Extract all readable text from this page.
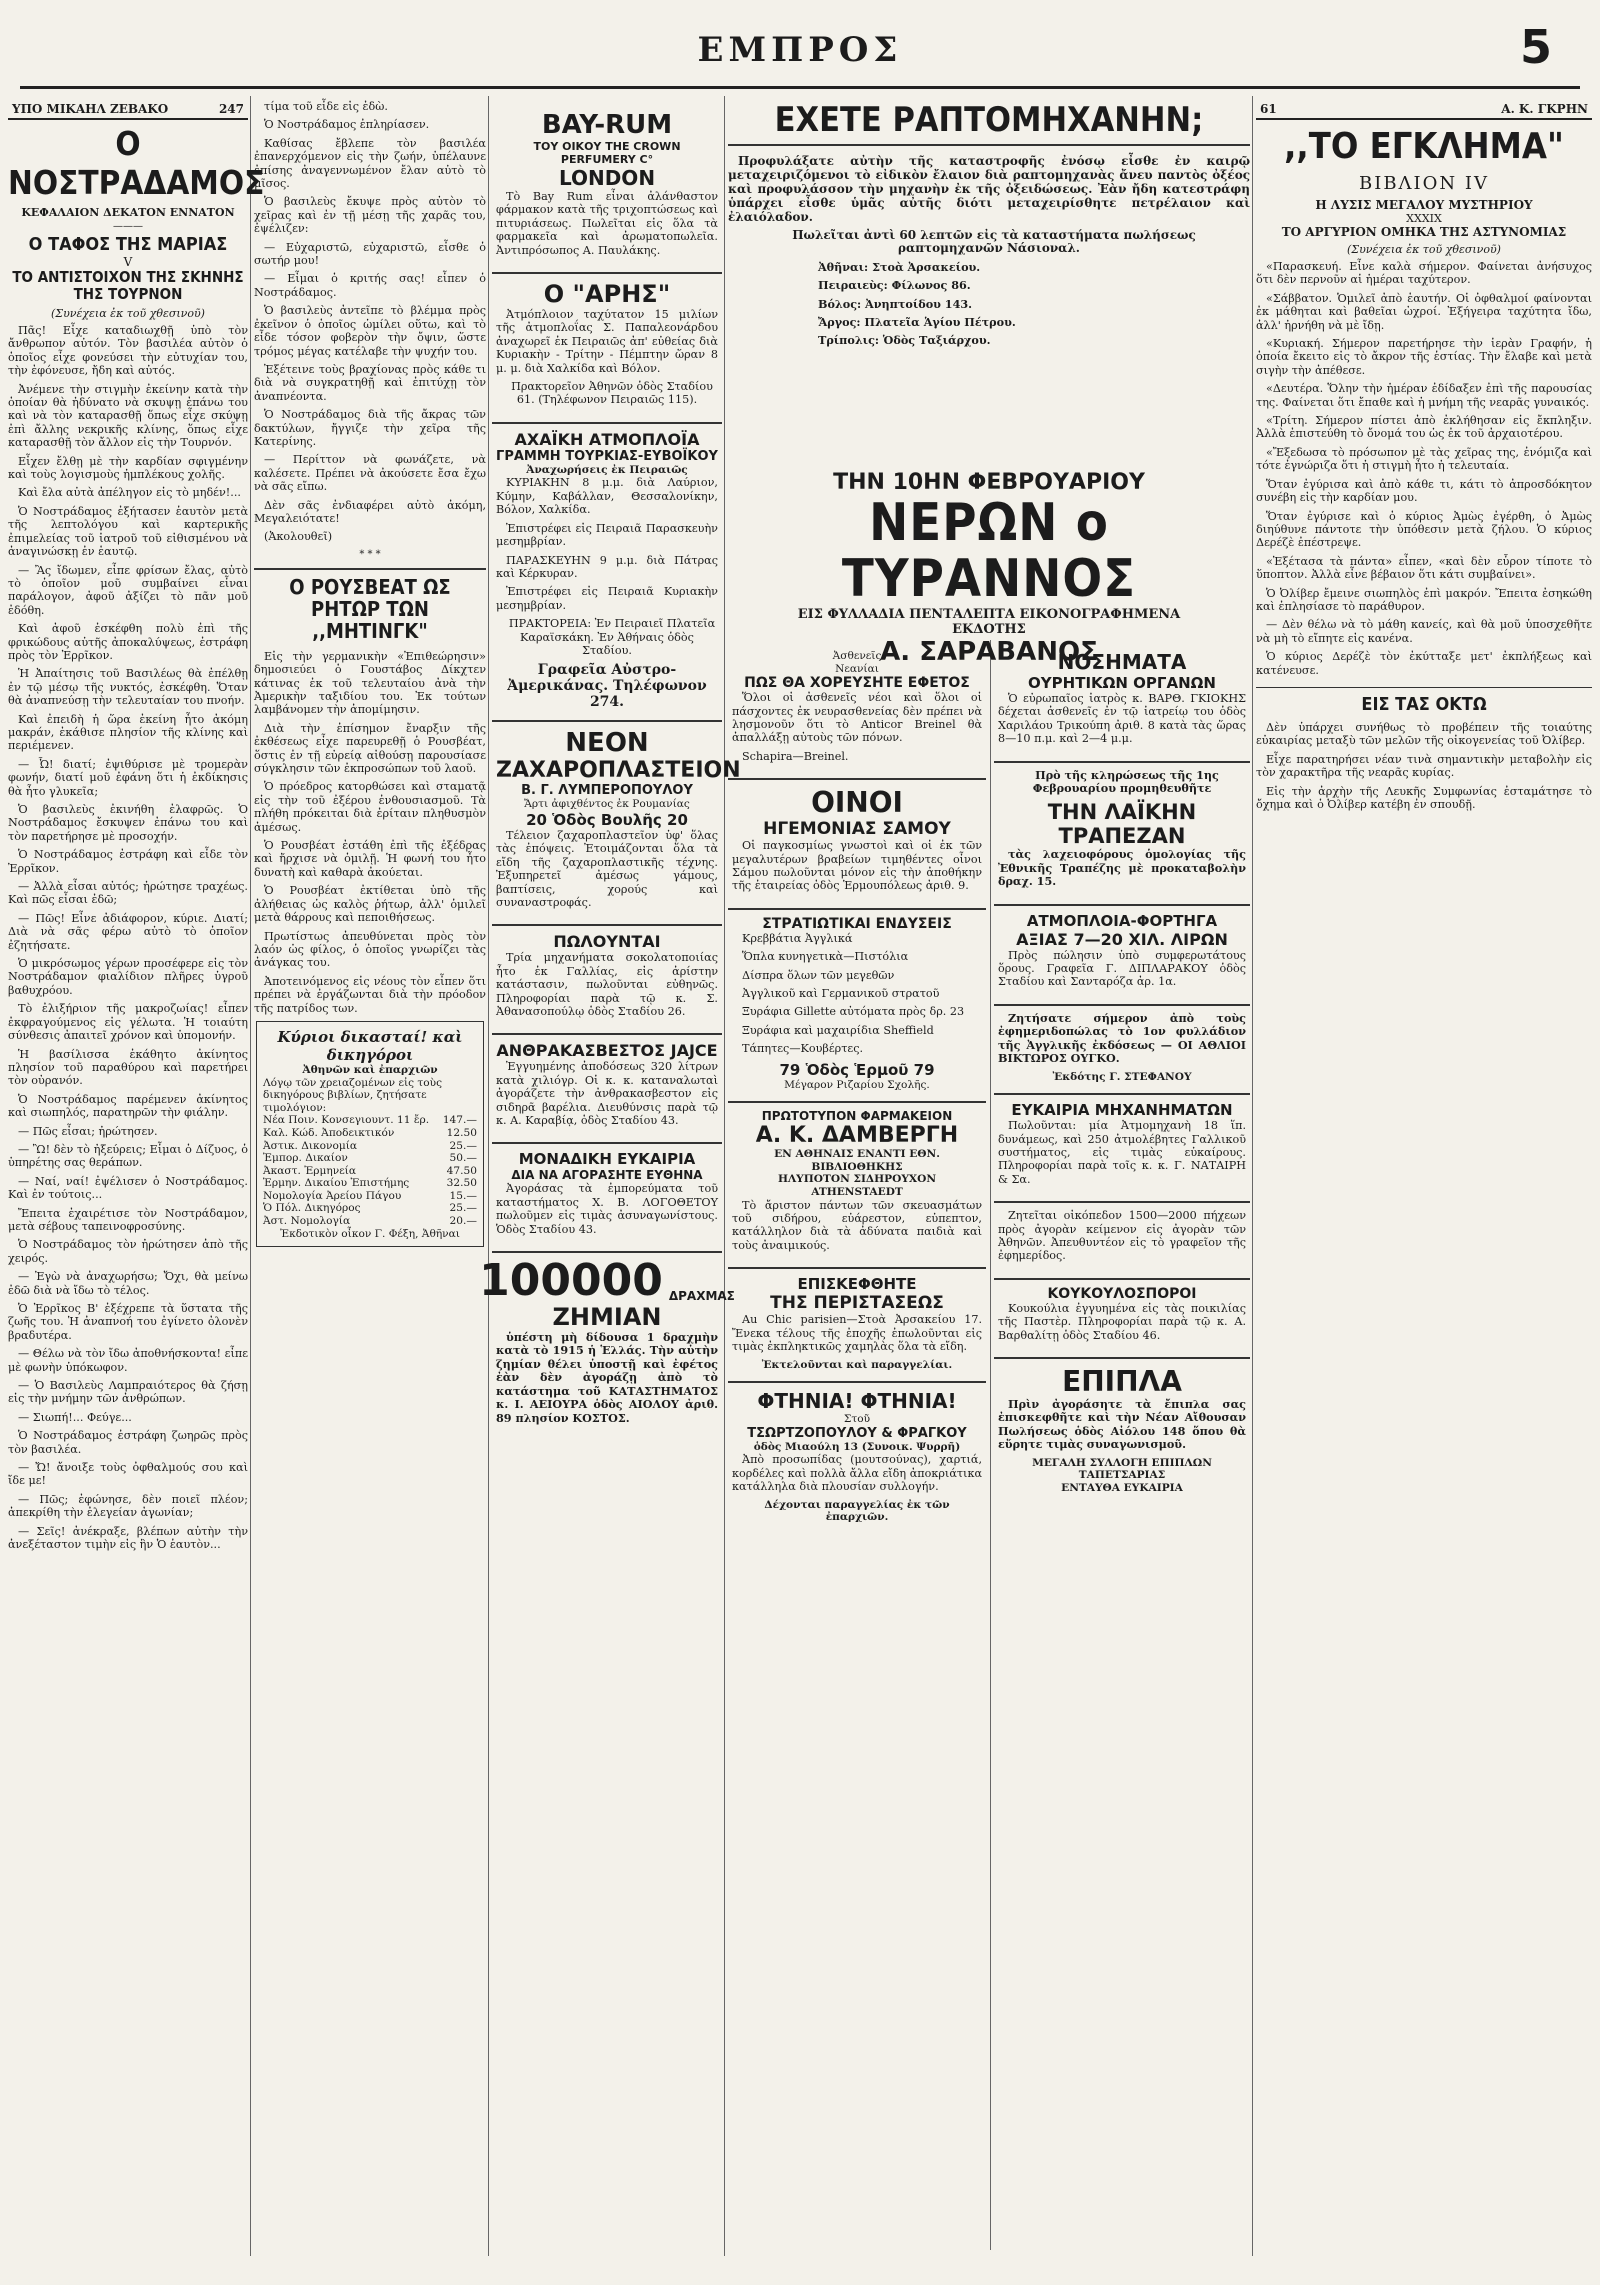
ΕΜΠΡΟΣ	5
ΥΠΟ ΜΙΚΑΗΛ ΖΕΒΑΚΟ	247
Ο ΝΟΣΤΡΑΔΑΜΟΣ
ΚΕΦΑΛΑΙΟΝ ΔΕΚΑΤΟΝ ΕΝΝΑΤΟΝ
———
Ο ΤΑΦΟΣ ΤΗΣ ΜΑΡΙΑΣ
V
ΤΟ ΑΝΤΙΣΤΟΙΧΟΝ ΤΗΣ ΣΚΗΝΗΣ ΤΗΣ ΤΟΥΡΝΟΝ
(Συνέχεια ἐκ τοῦ χθεσινοῦ)

Πᾶς! Εἶχε καταδιωχθῇ ὑπὸ τὸν ἄνθρωπον αὐτόν. Τὸν βασιλέα αὐτὸν ὁ ὁποῖος εἶχε φονεύσει τὴν εὐτυχίαν του, τὴν ἐφόνευσε, ἤδη καὶ αὐτός.

Ἀνέμενε τὴν στιγμὴν ἐκείνην κατὰ τὴν ὁποίαν θὰ ἠδύνατο νὰ σκυψῃ ἐπάνω του καὶ νὰ τὸν καταρασθῇ ὅπως εἶχε σκύψῃ ἐπὶ ἄλλης νεκρικῆς κλίνης, ὅπως εἶχε καταρασθῇ τὸν ἄλλον εἰς τὴν Τουρνόν.

Εἶχεν ἔλθῃ μὲ τὴν καρδίαν σφιγμένην καὶ τοὺς λογισμοὺς ἠμπλέκους χολῆς.

Καὶ ἔλα αὐτὰ ἀπέληγον εἰς τὸ μηδέν!...

Ὁ Νοστράδαμος ἐξήτασεν ἑαυτὸν μετὰ τῆς λεπτολόγου καὶ καρτερικῆς ἐπιμελείας τοῦ ἰατροῦ τοῦ εἰθισμένου νὰ ἀναγινώσκῃ ἐν ἑαυτῷ.

— Ἂς ἴδωμεν, εἶπε φρίσων ἔλας, αὐτὸ τὸ ὁποῖον μοῦ συμβαίνει εἶναι παράλογον, ἀφοῦ ἀξίζει τὸ πᾶν μοῦ ἐδόθη.

Καὶ ἀφοῦ ἐσκέφθη πολὺ ἐπὶ τῆς φρικώδους αὐτῆς ἀποκαλύψεως, ἐστράφη πρὸς τὸν Ἐρρῖκον.

Ἡ Ἀπαίτησις τοῦ Βασιλέως θὰ ἐπέλθῃ ἐν τῷ μέσῳ τῆς νυκτός, ἐσκέφθη. Ὅταν θὰ ἀναπνεύσῃ τὴν τελευταίαν του πνοήν.

Καὶ ἐπειδὴ ἡ ὥρα ἐκείνη ἦτο ἀκόμη μακράν, ἐκάθισε πλησίον τῆς κλίνης καὶ περιέμενεν.

— Ὦ! διατί; ἐψιθύρισε μὲ τρομερὰν φωνήν, διατί μοῦ ἐφάνη ὅτι ἡ ἐκδίκησις θὰ ἦτο γλυκεῖα;

Ὁ βασιλεὺς ἐκινήθη ἐλαφρῶς. Ὁ Νοστράδαμος ἔσκυψεν ἐπάνω του καὶ τὸν παρετήρησε μὲ προσοχήν.

Ὁ Νοστράδαμος ἐστράφη καὶ εἶδε τὸν Ἐρρῖκον.

— Ἀλλὰ εἶσαι αὐτός; ἠρώτησε τραχέως. Καὶ πῶς εἶσαι ἐδῶ;

— Πῶς! Εἶνε ἀδιάφορον, κύριε. Διατί; Διὰ νὰ σᾶς φέρω αὐτὸ τὸ ὁποῖον ἐζητήσατε.

Ὁ μικρόσωμος γέρων προσέφερε εἰς τὸν Νοστράδαμον φιαλίδιον πλῆρες ὑγροῦ βαθυχρόου.

Τὸ ἐλιξήριον τῆς μακροζωίας! εἶπεν ἐκφραγούμενος εἰς γέλωτα. Ἡ τοιαύτη σύνθεσις ἀπαιτεῖ χρόνον καὶ ὑπομονήν.

Ἡ βασίλισσα ἐκάθητο ἀκίνητος πλησίον τοῦ παραθύρου καὶ παρετήρει τὸν οὐρανόν.

Ὁ Νοστράδαμος παρέμενεν ἀκίνητος καὶ σιωπηλός, παρατηρῶν τὴν φιάλην.

— Πῶς εἶσαι; ἠρώτησεν.

— Ὢ! δὲν τὸ ἠξεύρεις; Εἶμαι ὁ Δίζυος, ὁ ὑπηρέτης σας θεράπων.

— Ναί, ναί! ἐψέλισεν ὁ Νοστράδαμος. Καὶ ἐν τούτοις...

Ἔπειτα ἐχαιρέτισε τὸν Νοστράδαμον, μετὰ σέβους ταπεινοφροσύνης.

Ὁ Νοστράδαμος τὸν ἠρώτησεν ἀπὸ τῆς χειρός.

— Ἐγὼ νὰ ἀναχωρήσω; Ὄχι, θὰ μείνω ἐδῶ διὰ νὰ ἴδω τὸ τέλος.

Ὁ Ἐρρῖκος Β' ἐξέχρεπε τὰ ὕστατα τῆς ζωῆς του. Ἡ ἀναπνοή του ἐγίνετο ὀλονὲν βραδυτέρα.

— Θέλω νὰ τὸν ἴδω ἀποθνήσκοντα! εἶπε μὲ φωνὴν ὑπόκωφον.

— Ὁ Βασιλεὺς Λαμπραιότερος θὰ ζήσῃ εἰς τὴν μνήμην τῶν ἀνθρώπων.

— Σιωπή!... Φεύγε...

Ὁ Νοστράδαμος ἐστράφη ζωηρῶς πρὸς τὸν βασιλέα.

— Ὤ! ἄνοιξε τοὺς ὀφθαλμούς σου καὶ ἴδε με!

— Πῶς; ἐφώνησε, δὲν ποιεῖ πλέον; ἀπεκρίθη τὴν ἐλεγείαν ἀγωνίαν;

— Σεῖς! ἀνέκραξε, βλέπων αὐτὴν τὴν ἀνεξέταστον τιμὴν εἰς ἣν Ὁ ἑαυτὸν...

τίμα τοῦ εἶδε εἰς ἐδὼ.

Ὁ Νοστράδαμος ἐπληρίασεν.

Καθίσας ἔβλεπε τὸν βασιλέα ἐπανερχόμενον εἰς τὴν ζωήν, ὑπέλαυνε ἐπίσης ἀναγεννωμένον ἔλαν αὐτὸ τὸ μῖσος.

Ὁ βασιλεὺς ἔκυψε πρὸς αὐτὸν τὸ χεῖρας καὶ ἐν τῇ μέσῃ τῆς χαρᾶς του, ἐψέλιζεν:

— Εὐχαριστῶ, εὐχαριστῶ, εἶσθε ὁ σωτήρ μου!

— Εἶμαι ὁ κριτής σας! εἶπεν ὁ Νοστράδαμος.

Ὁ βασιλεὺς ἀντεῖπε τὸ βλέμμα πρὸς ἐκεῖνον ὁ ὁποῖος ὡμίλει οὕτω, καὶ τὸ εἶδε τόσον φοβερὸν τὴν ὄψιν, ὥστε τρόμος μέγας κατέλαβε τὴν ψυχήν του.

Ἐξέτεινε τοὺς βραχίονας πρὸς κάθε τι διὰ νὰ συγκρατηθῇ καὶ ἐπιτύχῃ τὸν ἀναπνέοντα.

Ὁ Νοστράδαμος διὰ τῆς ἄκρας τῶν δακτύλων, ἤγγιζε τὴν χεῖρα τῆς Κατερίνης.

— Περίττον νὰ φωνάζετε, νὰ καλέσετε. Πρέπει νὰ ἀκούσετε ἔσα ἔχω νὰ σᾶς εἴπω.

Δὲν σᾶς ἐνδιαφέρει αὐτὸ ἀκόμη, Μεγαλειότατε!

(Ἀκολουθεῖ)

* * *
Ο ΡΟΥΣΒΕΑΤ ΩΣ ΡΗΤΩΡ ΤΩΝ ,,ΜΗΤΙΝΓΚ"

Εἰς τὴν γερμανικὴν «Ἐπιθεώρησιν» δημοσιεύει ὁ Γουστάβος Δίκχτεν κάτινας ἐκ τοῦ τελευταίου ἀνὰ τὴν Ἀμερικὴν ταξιδίου του. Ἐκ τούτων λαμβάνομεν τὴν ἀπομίμησιν.

Διὰ τὴν ἐπίσημον ἔναρξιν τῆς ἐκθέσεως εἶχε παρευρεθῇ ὁ Ρουσβέατ, ὅστις ἐν τῇ εὐρείᾳ αἰθούσῃ παρουσίασε σύγκλησιν τῶν ἐκπροσώπων τοῦ λαοῦ.

Ὁ πρόεδρος κατορθώσει καὶ σταματᾷ εἰς τὴν τοῦ ἐξέρου ἐνθουσιασμοῦ. Τὰ πλήθη πρόκειται διὰ ἐρίταιν πληθυσμὸν ἀμέσως.

Ὁ Ρουσβέατ ἐστάθη ἐπὶ τῆς ἐξέδρας καὶ ἤρχισε νὰ ὁμιλῇ. Ἡ φωνή του ἦτο δυνατὴ καὶ καθαρὰ ἀκούεται.

Ὁ Ρουσβέατ ἐκτίθεται ὑπὸ τῆς ἀλήθειας ὡς καλὸς ῥήτωρ, ἀλλ' ὁμιλεῖ μετὰ θάρρους καὶ πεποιθήσεως.

Πρωτίστως ἀπευθύνεται πρὸς τὸν λαόν ὡς φίλος, ὁ ὁποῖος γνωρίζει τὰς ἀνάγκας του.

Ἀποτεινόμενος εἰς νέους τὸν εἶπεν ὅτι πρέπει νὰ ἐργάζωνται διὰ τὴν πρόοδον τῆς πατρίδος των.

Κύριοι δικασταί! καὶ δικηγόροι
Ἀθηνῶν καὶ ἐπαρχιῶν
Λόγῳ τῶν χρειαζομένων εἰς τοὺς δικηγόρους βιβλίων, ζητήσατε τιμολόγιον:
Νέα Ποιν. Κονσεγιουντ. 11 ἔρ. 147.—
Καλ. Κώδ. Ἀποδεικτικόν	12.50
Ἀστικ. Δικονομία	25.—
Ἐμπορ. Δικαίον	50.—
Ἀκαστ. Ἐρμηνεία	47.50
Ἑρμην. Δικαίου Ἐπιστήμης	32.50
Νομολογία Ἀρείου Πάγου	15.—
Ὁ Πόλ. Δικηγόρος	25.—
Ἀστ. Νομολογία	20.—
Ἐκδοτικὸν οἶκον Γ. Φέξη, Ἀθῆναι
BAY-RUM
ΤΟΥ ΟΙΚΟΥ THE CROWN PERFUMERY C°
LONDON

Τὸ Bay Rum εἶναι ἀλάνθαστον φάρμακον κατὰ τῆς τριχοπτώσεως καὶ πιτυριάσεως. Πωλεῖται εἰς ὅλα τὰ φαρμακεῖα καὶ ἀρωματοπωλεῖα. Ἀντιπρόσωπος Α. Παυλάκης.

Ο "ΑΡΗΣ"

Ἀτμόπλοιον ταχύτατον 15 μιλίων τῆς ἀτμοπλοΐας Σ. Παπαλεονάρδου ἀναχωρεῖ ἐκ Πειραιῶς ἀπ' εὐθείας διὰ Κυριακὴν - Τρίτην - Πέμπτην ὥραν 8 μ. μ. διὰ Χαλκίδα καὶ Βόλον.

Πρακτορεῖον Ἀθηνῶν ὁδὸς Σταδίου 61. (Τηλέφωνον Πειραιῶς 115).

ΑΧΑΪΚΗ ΑΤΜΟΠΛΟΪΑ
ΓΡΑΜΜΗ ΤΟΥΡΚΙΑΣ-ΕΥΒΟΪΚΟΥ
Ἀναχωρήσεις ἐκ Πειραιῶς

ΚΥΡΙΑΚΗΝ 8 μ.μ. διὰ Λαύριον, Κύμην, Καβάλλαν, Θεσσαλονίκην, Βόλον, Χαλκίδα.

Ἐπιστρέφει εἰς Πειραιᾶ Παρασκευὴν μεσημβρίαν.

ΠΑΡΑΣΚΕΥΗΝ 9 μ.μ. διὰ Πάτρας καὶ Κέρκυραν.

Ἐπιστρέφει εἰς Πειραιᾶ Κυριακὴν μεσημβρίαν.

ΠΡΑΚΤΟΡΕΙΑ: Ἐν Πειραιεῖ Πλατεῖα Καραϊσκάκη. Ἐν Ἀθήναις ὁδὸς Σταδίου.

Γραφεῖα Αὐστρο-Ἀμερικάνας. Τηλέφωνον 274.
ΝΕΟΝ
ΖΑΧΑΡΟΠΛΑΣΤΕΙΟΝ
Β. Γ. ΛΥΜΠΕΡΟΠΟΥΛΟΥ
Ἄρτι ἀφιχθέντος ἐκ Ρουμανίας
20 Ὁδὸς Βουλῆς 20

Τέλειον ζαχαροπλαστεῖον ὑφ' ὅλας τὰς ἐπόψεις. Ἐτοιμάζονται ὅλα τὰ εἴδη τῆς ζαχαροπλαστικῆς τέχνης. Ἐξυπηρετεῖ ἀμέσως γάμους, βαπτίσεις, χορούς καὶ συναναστροφάς.

ΠΩΛΟΥΝΤΑΙ

Τρία μηχανήματα σοκολατοποιίας ἧτο ἐκ Γαλλίας, εἰς ἀρίστην κατάστασιν, πωλοῦνται εὐθηνῶς. Πληροφορίαι παρὰ τῷ κ. Σ. Ἀθανασοπούλῳ ὁδὸς Σταδίου 26.

ΑΝΘΡΑΚΑΣΒΕΣΤΟΣ JAJCE

Ἐγγυημένης ἀποδόσεως 320 λίτρων κατὰ χιλιόγρ. Οἱ κ. κ. καταναλωταὶ ἀγοράζετε τὴν ἀνθρακασβεστον εἰς σιδηρᾶ βαρέλια. Διευθύνσις παρὰ τῷ κ. Α. Καραβίᾳ, ὁδὸς Σταδίου 43.

ΜΟΝΑΔΙΚΗ ΕΥΚΑΙΡΙΑ
ΔΙΑ ΝΑ ΑΓΟΡΑΣΗΤΕ ΕΥΘΗΝΑ

Ἀγοράσας τὰ ἐμπορεύματα τοῦ καταστήματος Χ. Β. ΛΟΓΟΘΕΤΟΥ πωλοῦμεν εἰς τιμὰς ἀσυναγωνίστους. Ὁδὸς Σταδίου 43.

100000 ΔΡΑΧΜΑΣ
ΖΗΜΙΑΝ

ὑπέστη μὴ δίδουσα 1 δραχμὴν κατὰ τὸ 1915 ἡ Ἑλλάς. Τὴν αὐτὴν ζημίαν θέλει ὑποστῇ καὶ ἐφέτος ἐὰν δὲν ἀγοράζῃ ἀπὸ τὸ κατάστημα τοῦ ΚΑΤΑΣΤΗΜΑΤΟΣ κ. Ι. ΑΕΙΟΥΡΑ ὁδὸς ΑΙΟΛΟΥ ἀριθ. 89 πλησίον ΚΟΣΤΟΣ.

ΕΧΕΤΕ ΡΑΠΤΟΜΗΧΑΝΗΝ;

Προφυλάξατε αὐτὴν τῆς καταστροφῆς ἐνόσῳ εἶσθε ἐν καιρῷ μεταχειριζόμενοι τὸ εἰδικὸν ἔλαιον διὰ ραπτομηχανὰς ἄνευ παντὸς ὀξέος καὶ προφυλάσσον τὴν μηχανὴν ἐκ τῆς ὀξειδώσεως. Ἐὰν ἤδη κατεστράφη ὑπάρχει εἶσθε ὑμᾶς αὐτῆς διότι μεταχειρίσθητε πετρέλαιον καὶ ἐλαιόλαδον.

Πωλεῖται ἀντὶ 60 λεπτῶν εἰς τὰ καταστήματα πωλήσεως ραπτομηχανῶν Νάσιοναλ.

Ἀθῆναι: Στοὰ Ἀρσακείου.

Πειραιεὺς: Φίλωνος 86.

Βόλος: Ἀνηπτοίδου 143.

Ἄργος: Πλατεῖα Ἁγίου Πέτρου.

Τρίπολις: Ὁδὸς Ταξιάρχου.

ΤΗΝ 10ΗΝ ΦΕΒΡΟΥΑΡΙΟΥ
ΝΕΡΩΝ ο ΤΥΡΑΝΝΟΣ
ΕΙΣ ΦΥΛΛΑΔΙΑ ΠΕΝΤΑΛΕΠΤΑ ΕΙΚΟΝΟΓΡΑΦΗΜΕΝΑ
ΕΚΔΟΤΗΣ
Α. ΣΑΡΑΒΑΝΟΣ
Ἀσθενεῖς
Νεανίαι
ΠΩΣ ΘΑ ΧΟΡΕΥΣΗΤΕ ΕΦΕΤΟΣ

Ὅλοι οἱ ἀσθενεῖς νέοι καὶ ὅλοι οἱ πάσχοντες ἐκ νευρασθενείας δὲν πρέπει νὰ λησμονοῦν ὅτι τὸ Anticor Breinel θὰ ἀπαλλάξῃ αὐτοὺς τῶν πόνων.

Schapira—Breinel.

ΟΙΝΟΙ
ΗΓΕΜΟΝΙΑΣ ΣΑΜΟΥ

Οἱ παγκοσμίως γνωστοὶ καὶ οἱ ἐκ τῶν μεγαλυτέρων βραβείων τιμηθέντες οἶνοι Σάμου πωλοῦνται μόνον εἰς τὴν ἀποθήκην τῆς ἑταιρείας ὁδὸς Ἑρμουπόλεως ἀριθ. 9.

ΣΤΡΑΤΙΩΤΙΚΑΙ ΕΝΔΥΣΕΙΣ

Κρεββάτια Ἀγγλικά

Ὅπλα κυνηγετικὰ—Πιστόλια

Δίσπρα ὅλων τῶν μεγεθῶν

Ἀγγλικοῦ καὶ Γερμανικοῦ στρατοῦ

Ξυράφια Gillette αὐτόματα πρὸς δρ. 23

Ξυράφια καὶ μαχαιρίδια Sheffield

Τάπητες—Κουβέρτες.

79 Ὁδὸς Ἑρμοῦ 79
Μέγαρον Ριζαρίου Σχολῆς.
ΠΡΩΤΟΤΥΠΟΝ ΦΑΡΜΑΚΕΙΟΝ
Α. Κ. ΔΑΜΒΕΡΓΗ
ΕΝ ΑΘΗΝΑΙΣ ΕΝΑΝΤΙ ΕΘΝ. ΒΙΒΛΙΟΘΗΚΗΣ
ΗΛΥΠΟΤΟΝ ΣΙΔΗΡΟΥΧΟΝ
ATHENSTAEDT

Τὸ ἄριστον πάντων τῶν σκευασμάτων τοῦ σιδήρου, εὐάρεστον, εὐπεπτον, κατάλληλον διὰ τὰ ἀδύνατα παιδιὰ καὶ τοὺς ἀναιμικούς.

ΕΠΙΣΚΕΦΘΗΤΕ
ΤΗΣ ΠΕΡΙΣΤΑΣΕΩΣ

Au Chic parisien—Στοὰ Ἀρσακείου 17. Ἔνεκα τέλους τῆς ἐποχῆς ἐπωλοῦνται εἰς τιμὰς ἐκπληκτικῶς χαμηλὰς ὅλα τὰ εἴδη.

Ἐκτελοῦνται καὶ παραγγελίαι.
ΦΤΗΝΙΑ! ΦΤΗΝΙΑ!
Στοῦ
ΤΣΩΡΤΖΟΠΟΥΛΟΥ & ΦΡΑΓΚΟΥ
ὁδὸς Μιαούλη 13 (Συνοικ. Ψυρρῆ)

Ἀπὸ προσωπίδας (μουτσούνας), χαρτιά, κορδέλες καὶ πολλὰ ἄλλα εἴδη ἀποκριάτικα κατάλληλα διὰ πλουσίαν συλλογήν.

Δέχονται παραγγελίας ἐκ τῶν ἐπαρχιῶν.
ΝΟΣΗΜΑΤΑ
ΟΥΡΗΤΙΚΩΝ ΟΡΓΑΝΩΝ

Ὁ εὐρωπαῖος ἰατρὸς κ. ΒΑΡΘ. ΓΚΙΟΚΗΣ δέχεται ἀσθενεῖς ἐν τῷ ἰατρείῳ του ὁδὸς Χαριλάου Τρικούπη ἀριθ. 8 κατὰ τὰς ὥρας 8—10 π.μ. καὶ 2—4 μ.μ.

Πρὸ τῆς κληρώσεως τῆς 1ης Φεβρουαρίου προμηθευθῆτε

ΤΗΝ ΛΑΪΚΗΝ ΤΡΑΠΕΖΑΝ

τὰς λαχειοφόρους ὁμολογίας τῆς Ἐθνικῆς Τραπέζης μὲ προκαταβολὴν δραχ. 15.

ΑΤΜΟΠΛΟΙΑ-ΦΟΡΤΗΓΑ
ΑΞΙΑΣ 7—20 ΧΙΛ. ΛΙΡΩΝ

Πρὸς πώλησιν ὑπὸ συμφερωτάτους ὅρους. Γραφεῖα Γ. ΔΙΠΛΑΡΑΚΟΥ ὁδὸς Σταδίου καὶ Σανταρόζα ἀρ. 1α.

Ζητήσατε σήμερον ἀπὸ τοὺς ἐφημεριδοπώλας τὸ 1ον φυλλάδιον τῆς Ἀγγλικῆς ἐκδόσεως — ΟΙ ΑΘΛΙΟΙ ΒΙΚΤΩΡΟΣ ΟΥΓΚΟ.

Ἐκδότης Γ. ΣΤΕΦΑΝΟΥ
ΕΥΚΑΙΡΙΑ ΜΗΧΑΝΗΜΑΤΩΝ

Πωλοῦνται: μία Ἀτμομηχανὴ 18 ἵπ. δυνάμεως, καὶ 250 ἀτμολέβητες Γαλλικοῦ συστήματος, εἰς τιμὰς εὐκαίρους. Πληροφορίαι παρὰ τοῖς κ. κ. Γ. ΝΑΤΑΙΡΗ & Σα.

Ζητεῖται οἰκόπεδον 1500—2000 πήχεων πρὸς ἀγορὰν κείμενον εἰς ἀγορὰν τῶν Ἀθηνῶν. Ἀπευθυντέον εἰς τὸ γραφεῖον τῆς ἐφημερίδος.

ΚΟΥΚΟΥΛΟΣΠΟΡΟΙ

Κουκούλια ἐγγυημένα εἰς τὰς ποικιλίας τῆς Παστὲρ. Πληροφορίαι παρὰ τῷ κ. Α. Βαρθαλίτῃ ὁδὸς Σταδίου 46.

ΕΠΙΠΛΑ

Πρὶν ἀγοράσητε τὰ ἔπιπλα σας ἐπισκεφθῆτε καὶ τὴν Νέαν Αἴθουσαν Πωλήσεως ὁδὸς Αἰόλου 148 ὅπου θὰ εὕρητε τιμὰς συναγωνισμοῦ.

ΜΕΓΑΛΗ ΣΥΛΛΟΓΗ ΕΠΙΠΛΩΝ ΤΑΠΕΤΣΑΡΙΑΣ
ΕΝΤΑΥΘΑ ΕΥΚΑΙΡΙΑ
61	Α. Κ. ΓΚΡΗΝ
,,ΤΟ ΕΓΚΛΗΜΑ"
ΒΙΒΛΙΟΝ IV
Η ΛΥΣΙΣ ΜΕΓΑΛΟΥ ΜΥΣΤΗΡΙΟΥ
XXXIX
ΤΟ ΑΡΓΥΡΙΟΝ ΟΜΗΚΑ ΤΗΣ ΑΣΤΥΝΟΜΙΑΣ
(Συνέχεια ἐκ τοῦ χθεσινοῦ)

«Παρασκευή. Εἶνε καλὰ σήμερον. Φαίνεται ἀνήσυχος ὅτι δὲν περνοῦν αἱ ἡμέραι ταχύτερον.

«Σάββατον. Ὁμιλεῖ ἀπὸ ἑαυτήν. Οἱ ὀφθαλμοί φαίνονται ἐκ μάθηται καὶ βαθεῖαι ὠχροί. Ἐξήγειρα ταχύτητα ἴδω, ἀλλ' ἠρνήθη νὰ μὲ ἴδῃ.

«Κυριακή. Σήμερον παρετήρησε τὴν ἱερὰν Γραφήν, ἡ ὁποία ἔκειτο εἰς τὸ ἄκρον τῆς ἑστίας. Τὴν ἔλαβε καὶ μετὰ σιγὴν τὴν ἀπέθεσε.

«Δευτέρα. Ὅλην τὴν ἡμέραν ἐδίδαξεν ἐπὶ τῆς παρουσίας της. Φαίνεται ὅτι ἔπαθε καὶ ἡ μνήμη τῆς νεαρᾶς γυναικός.

«Τρίτη. Σήμερον πίστει ἀπὸ ἐκλήθησαν εἰς ἔκπληξιν. Ἀλλὰ ἐπιστεύθη τὸ ὄνομά του ὡς ἐκ τοῦ ἀρχαιοτέρου.

«Ἔξεδωσα τὸ πρόσωπον μὲ τὰς χεῖρας της, ἐνόμιζα καὶ τότε ἐγνώριζα ὅτι ἡ στιγμὴ ἦτο ἡ τελευταία.

Ὅταν ἐγύρισα καὶ ἀπὸ κάθε τι, κάτι τὸ ἀπροσδόκητον συνέβη εἰς τὴν καρδίαν μου.

Ὅταν ἐγύρισε καὶ ὁ κύριος Ἀμὼς ἐγέρθη, ὁ Ἀμὼς διηύθυνε πάντοτε τὴν ὑπόθεσιν μετὰ ζήλου. Ὁ κύριος Δερέζὲ ἐπέστρεψε.

«Ἐξέτασα τὰ πάντα» εἶπεν, «καὶ δὲν εὗρον τίποτε τὸ ὕποπτον. Ἀλλὰ εἶνε βέβαιον ὅτι κάτι συμβαίνει».

Ὁ Ὀλίβερ ἔμεινε σιωπηλὸς ἐπὶ μακρόν. Ἔπειτα ἐσηκώθη καὶ ἐπλησίασε τὸ παράθυρον.

— Δὲν θέλω νὰ τὸ μάθη κανείς, καὶ θὰ μοῦ ὑποσχεθῆτε νὰ μὴ τὸ εἴπητε εἰς κανένα.

Ὁ κύριος Δερέζὲ τὸν ἐκύτταξε μετ' ἐκπλήξεως καὶ κατένευσε.

ΕΙΣ ΤΑΣ ΟΚΤΩ

Δὲν ὑπάρχει συνήθως τὸ προβέπειν τῆς τοιαύτης εὐκαιρίας μεταξὺ τῶν μελῶν τῆς οἰκογενείας τοῦ Ὀλίβερ.

Εἶχε παρατηρήσει νέαν τινὰ σημαντικὴν μεταβολὴν εἰς τὸν χαρακτῆρα τῆς νεαρᾶς κυρίας.

Εἰς τὴν ἀρχὴν τῆς Λευκῆς Συμφωνίας ἐσταμάτησε τὸ ὄχημα καὶ ὁ Ὀλίβερ κατέβη ἐν σπουδῇ.
